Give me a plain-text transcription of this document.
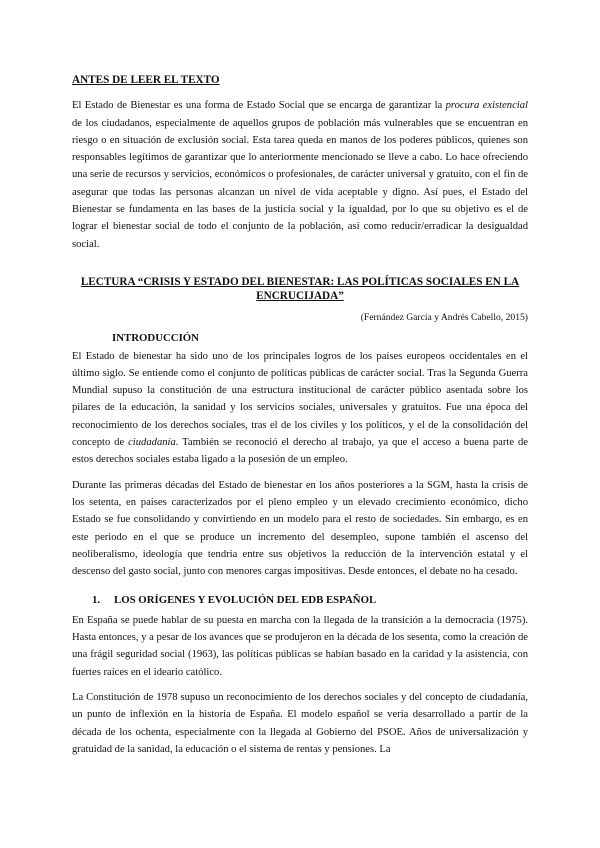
ANTES DE LEER EL TEXTO

El Estado de Bienestar es una forma de Estado Social que se encarga de garantizar la procura existencial de los ciudadanos, especialmente de aquellos grupos de población más vulnerables que se encuentran en riesgo o en situación de exclusión social. Esta tarea queda en manos de los poderes públicos, quienes son responsables legítimos de garantizar que lo anteriormente mencionado se lleve a cabo. Lo hace ofreciendo una serie de recursos y servicios, económicos o profesionales, de carácter universal y gratuito, con el fin de asegurar que todas las personas alcanzan un nivel de vida aceptable y digno. Así pues, el Estado del Bienestar se fundamenta en las bases de la justicia social y la igualdad, por lo que su objetivo es el de lograr el bienestar social de todo el conjunto de la población, así como reducir/erradicar la desigualdad social.

LECTURA “CRISIS Y ESTADO DEL BIENESTAR: LAS POLÍTICAS SOCIALES EN LA ENCRUCIJADA”
(Fernández García y Andrés Cabello, 2015)
INTRODUCCIÓN

El Estado de bienestar ha sido uno de los principales logros de los países europeos occidentales en el último siglo. Se entiende como el conjunto de políticas públicas de carácter social. Tras la Segunda Guerra Mundial supuso la constitución de una estructura institucional de carácter público asentada sobre los pilares de la educación, la sanidad y los servicios sociales, universales y gratuitos. Fue una época del reconocimiento de los derechos sociales, tras el de los civiles y los políticos, y el de la consolidación del concepto de ciudadanía. También se reconoció el derecho al trabajo, ya que el acceso a buena parte de estos derechos sociales estaba ligado a la posesión de un empleo.

Durante las primeras décadas del Estado de bienestar en los años posteriores a la SGM, hasta la crisis de los setenta, en países caracterizados por el pleno empleo y un elevado crecimiento económico, dicho Estado se fue consolidando y convirtiendo en un modelo para el resto de sociedades. Sin embargo, es en este periodo en el que se produce un incremento del desempleo, supone también el ascenso del neoliberalismo, ideología que tendría entre sus objetivos la reducción de la intervención estatal y el descenso del gasto social, junto con menores cargas impositivas. Desde entonces, el debate no ha cesado.

1. LOS ORÍGENES Y EVOLUCIÓN DEL EDB ESPAÑOL

En España se puede hablar de su puesta en marcha con la llegada de la transición a la democracia (1975). Hasta entonces, y a pesar de los avances que se produjeron en la década de los sesenta, como la creación de una frágil seguridad social (1963), las políticas públicas se habían basado en la caridad y la asistencia, con fuertes raíces en el ideario católico.

La Constitución de 1978 supuso un reconocimiento de los derechos sociales y del concepto de ciudadanía, un punto de inflexión en la historia de España. El modelo español se vería desarrollado a partir de la década de los ochenta, especialmente con la llegada al Gobierno del PSOE. Años de universalización y gratuidad de la sanidad, la educación o el sistema de rentas y pensiones. La
